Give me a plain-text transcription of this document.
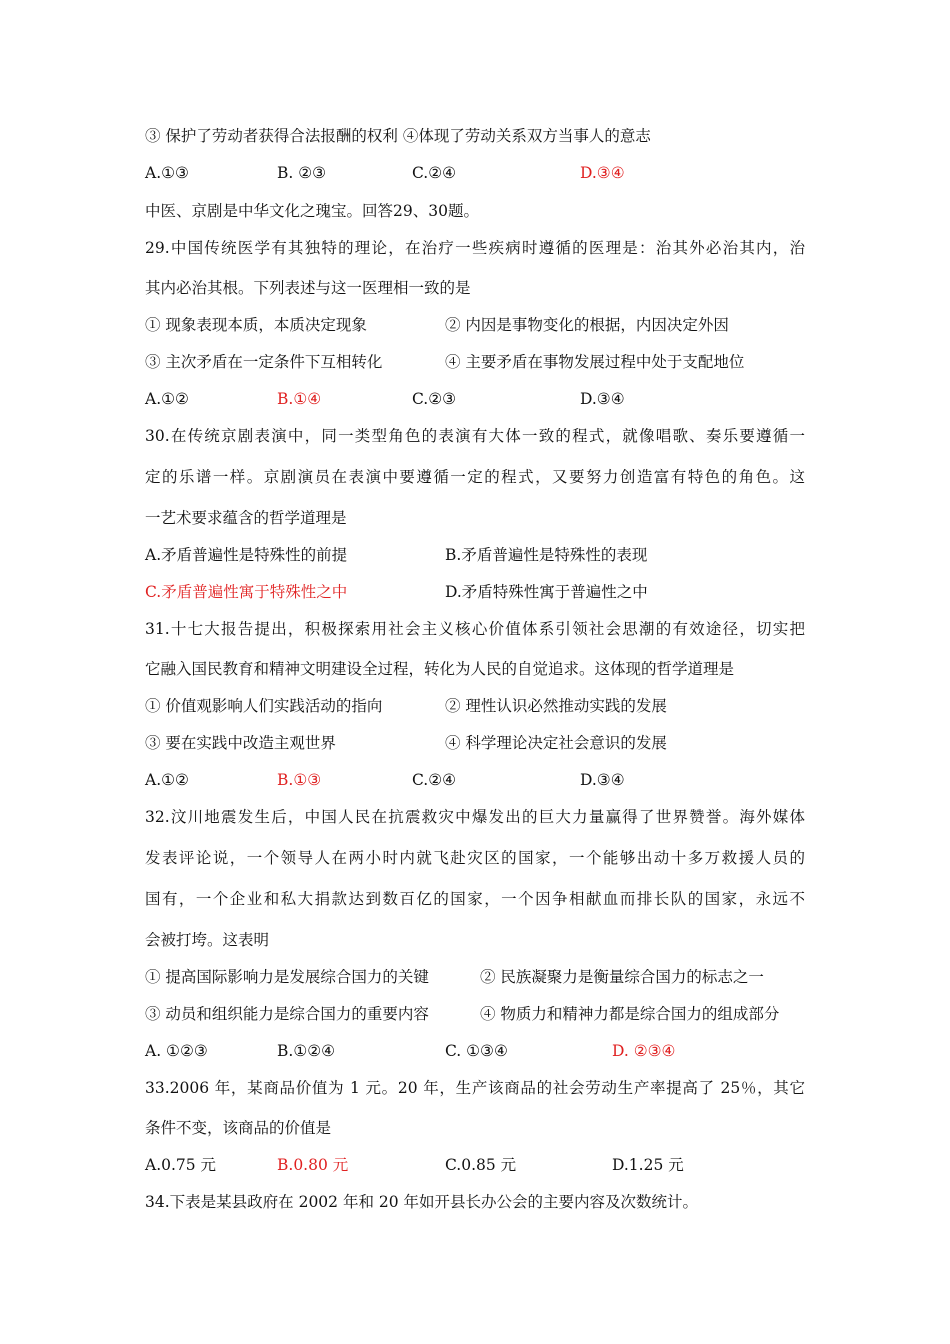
③ 保护了劳动者获得合法报酬的权利 ④体现了劳动关系双方当事人的意志
A.①③	B. ②③	C.②④	D.③④
中医、京剧是中华文化之瑰宝。回答29、30题。
29.中国传统医学有其独特的理论，在治疗一些疾病时遵循的医理是：治其外必治其内，治
其内必治其根。下列表述与这一医理相一致的是
① 现象表现本质，本质决定现象	② 内因是事物变化的根据，内因决定外因
③ 主次矛盾在一定条件下互相转化	④ 主要矛盾在事物发展过程中处于支配地位
A.①②	B.①④	C.②③	D.③④
30.在传统京剧表演中，同一类型角色的表演有大体一致的程式，就像唱歌、奏乐要遵循一
定的乐谱一样。京剧演员在表演中要遵循一定的程式，又要努力创造富有特色的角色。这
一艺术要求蕴含的哲学道理是
A.矛盾普遍性是特殊性的前提	B.矛盾普遍性是特殊性的表现
C.矛盾普遍性寓于特殊性之中	D.矛盾特殊性寓于普遍性之中
31.十七大报告提出，积极探索用社会主义核心价值体系引领社会思潮的有效途径，切实把
它融入国民教育和精神文明建设全过程，转化为人民的自觉追求。这体现的哲学道理是
① 价值观影响人们实践活动的指向	② 理性认识必然推动实践的发展
③ 要在实践中改造主观世界	④ 科学理论决定社会意识的发展
A.①②	B.①③	C.②④	D.③④
32.汶川地震发生后，中国人民在抗震救灾中爆发出的巨大力量赢得了世界赞誉。海外媒体
发表评论说，一个领导人在两小时内就飞赴灾区的国家，一个能够出动十多万救援人员的
国有，一个企业和私大捐款达到数百亿的国家，一个因争相献血而排长队的国家，永远不
会被打垮。这表明
① 提高国际影响力是发展综合国力的关键	② 民族凝聚力是衡量综合国力的标志之一
③ 动员和组织能力是综合国力的重要内容	④ 物质力和精神力都是综合国力的组成部分
A. ①②③	B.①②④	C. ①③④	D. ②③④
33.2006 年，某商品价值为 1 元。20 年，生产该商品的社会劳动生产率提高了 25％，其它
条件不变，该商品的价值是
A.0.75 元	B.0.80 元	C.0.85 元	D.1.25 元
34.下表是某县政府在 2002 年和 20 年如开县长办公会的主要内容及次数统计。
